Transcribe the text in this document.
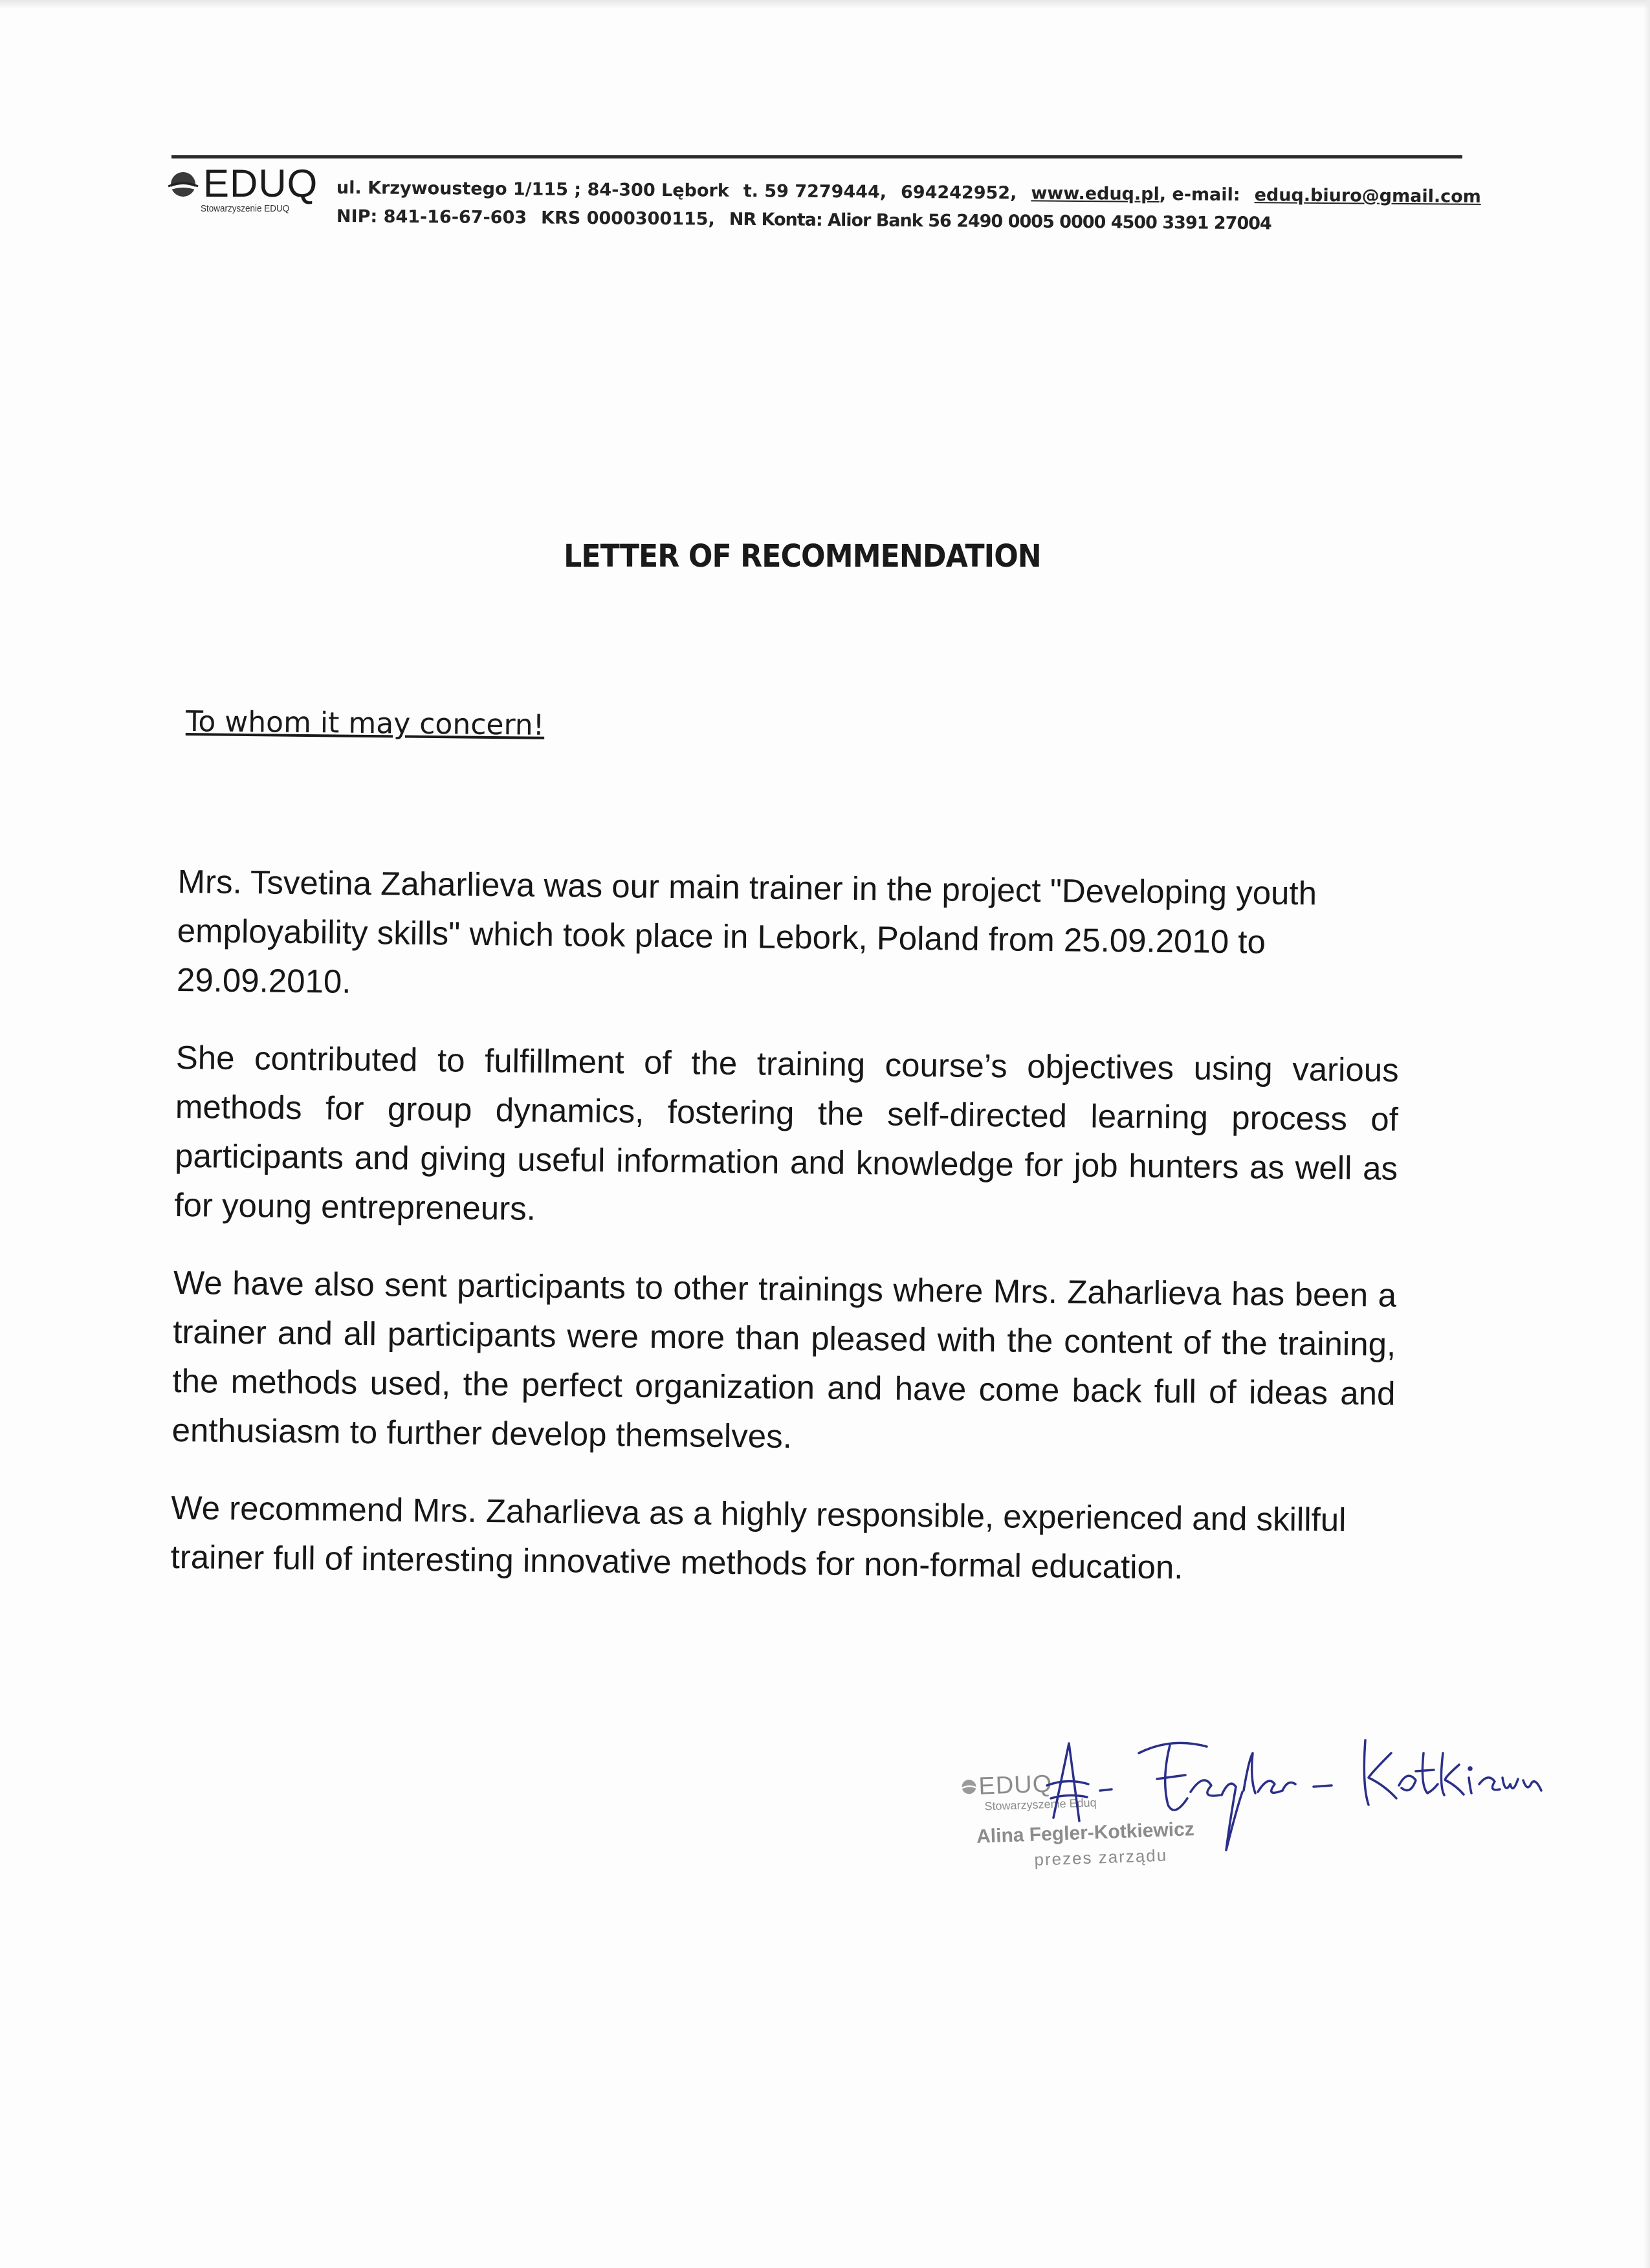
EDUQ
Stowarzyszenie EDUQ
ul. Krzywoustego 1/115 ; 84-300 Lębork t. 59 7279444, 694242952, www.eduq.pl, e-mail: eduq.biuro@gmail.com
NIP: 841-16-67-603 KRS 0000300115, NR Konta: Alior Bank 56 2490 0005 0000 4500 3391 27004
LETTER OF RECOMMENDATION
To whom it may concern!

Mrs. Tsvetina Zaharlieva was our main trainer in the project "Developing youth employability skills" which took place in Lebork, Poland from 25.09.2010 to 29.09.2010.

She contributed to fulfillment of the training course’s objectives using various methods for group dynamics, fostering the self-directed learning process of participants and giving useful information and knowledge for job hunters as well as for young entrepreneurs.

We have also sent participants to other trainings where Mrs. Zaharlieva has been a trainer and all participants were more than pleased with the content of the training, the methods used, the perfect organization and have come back full of ideas and enthusiasm to further develop themselves.

We recommend Mrs. Zaharlieva as a highly responsible, experienced and skillful trainer full of interesting innovative methods for non-formal education.

EDUQ
Stowarzyszenie Eduq
Alina Fegler-Kotkiewicz
prezes zarządu
A. Fegler - Kotkiewicz
